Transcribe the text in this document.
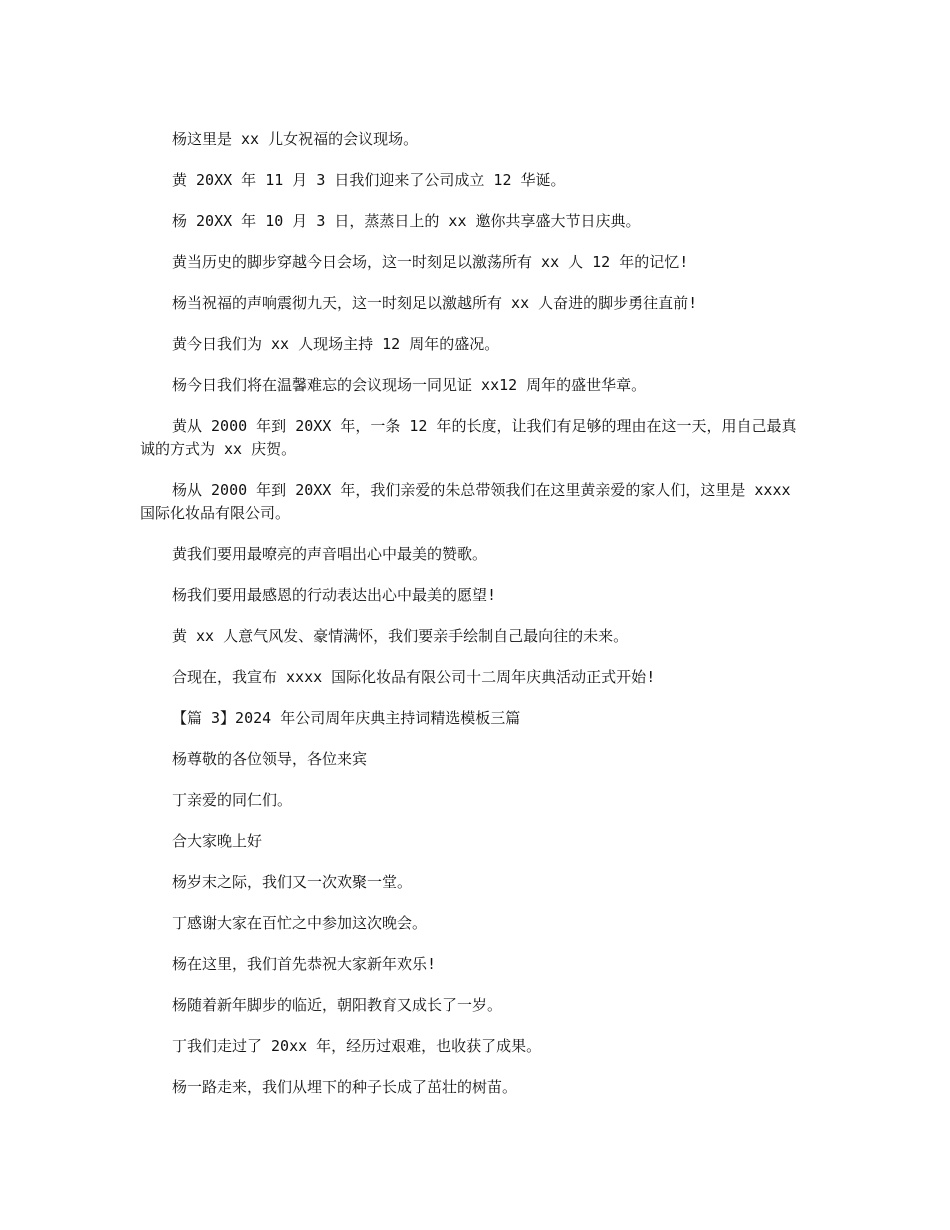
杨这里是 xx 儿女祝福的会议现场。

黄 20XX 年 11 月 3 日我们迎来了公司成立 12 华诞。

杨 20XX 年 10 月 3 日，蒸蒸日上的 xx 邀你共享盛大节日庆典。

黄当历史的脚步穿越今日会场，这一时刻足以激荡所有 xx 人 12 年的记忆!

杨当祝福的声响震彻九天，这一时刻足以激越所有 xx 人奋进的脚步勇往直前!

黄今日我们为 xx 人现场主持 12 周年的盛况。

杨今日我们将在温馨难忘的会议现场一同见证 xx12 周年的盛世华章。

黄从 2000 年到 20XX 年，一条 12 年的长度，让我们有足够的理由在这一天，用自己最真诚的方式为 xx 庆贺。

杨从 2000 年到 20XX 年，我们亲爱的朱总带领我们在这里黄亲爱的家人们，这里是 xxxx 国际化妆品有限公司。

黄我们要用最嘹亮的声音唱出心中最美的赞歌。

杨我们要用最感恩的行动表达出心中最美的愿望!

黄 xx 人意气风发、豪情满怀，我们要亲手绘制自己最向往的未来。

合现在，我宣布 xxxx 国际化妆品有限公司十二周年庆典活动正式开始!

【篇 3】2024 年公司周年庆典主持词精选模板三篇

杨尊敬的各位领导，各位来宾

丁亲爱的同仁们。

合大家晚上好

杨岁末之际，我们又一次欢聚一堂。

丁感谢大家在百忙之中参加这次晚会。

杨在这里，我们首先恭祝大家新年欢乐!

杨随着新年脚步的临近，朝阳教育又成长了一岁。

丁我们走过了 20xx 年，经历过艰难，也收获了成果。

杨一路走来，我们从埋下的种子长成了茁壮的树苗。
